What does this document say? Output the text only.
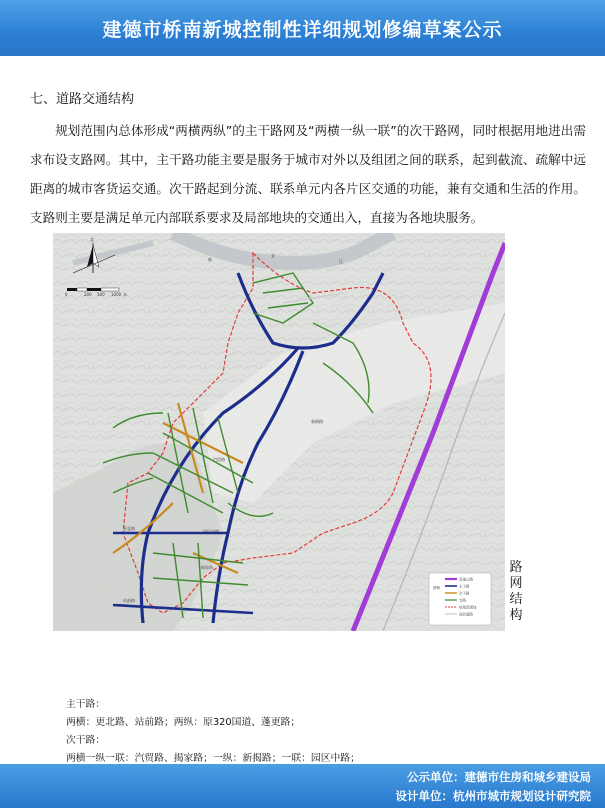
建德市桥南新城控制性详细规划修编草案公示
七、道路交通结构
规划范围内总体形成“两横两纵”的主干路网及“两横一纵一联”的次干路网，同时根据用地进出需求布设支路网。其中，主干路功能主要是服务于城市对外以及组团之间的联系，起到截流、疏解中远距离的城市客货运交通。次干路起到分流、联系单元内各片区交通的功能，兼有交通和生活的作用。支路则主要是满足单元内部联系要求及局部地块的交通出入，直接为各地块服务。
主干路：
两横：更北路、站前路；两纵：原320国道、蓬更路；
次干路：
两横一纵一联：汽贸路、揭家路；一纵：新揭路；一联：园区中路；
北
0	200 500 1000 米
新
安
江
更北路
站前路
新揭路
园区中路
汽贸路
揭家路
图例
高速公路
主干路
次干路
支路
规划范围线
现状道路
路网结构
公示单位：建德市住房和城乡建设局
设计单位：杭州市城市规划设计研究院
